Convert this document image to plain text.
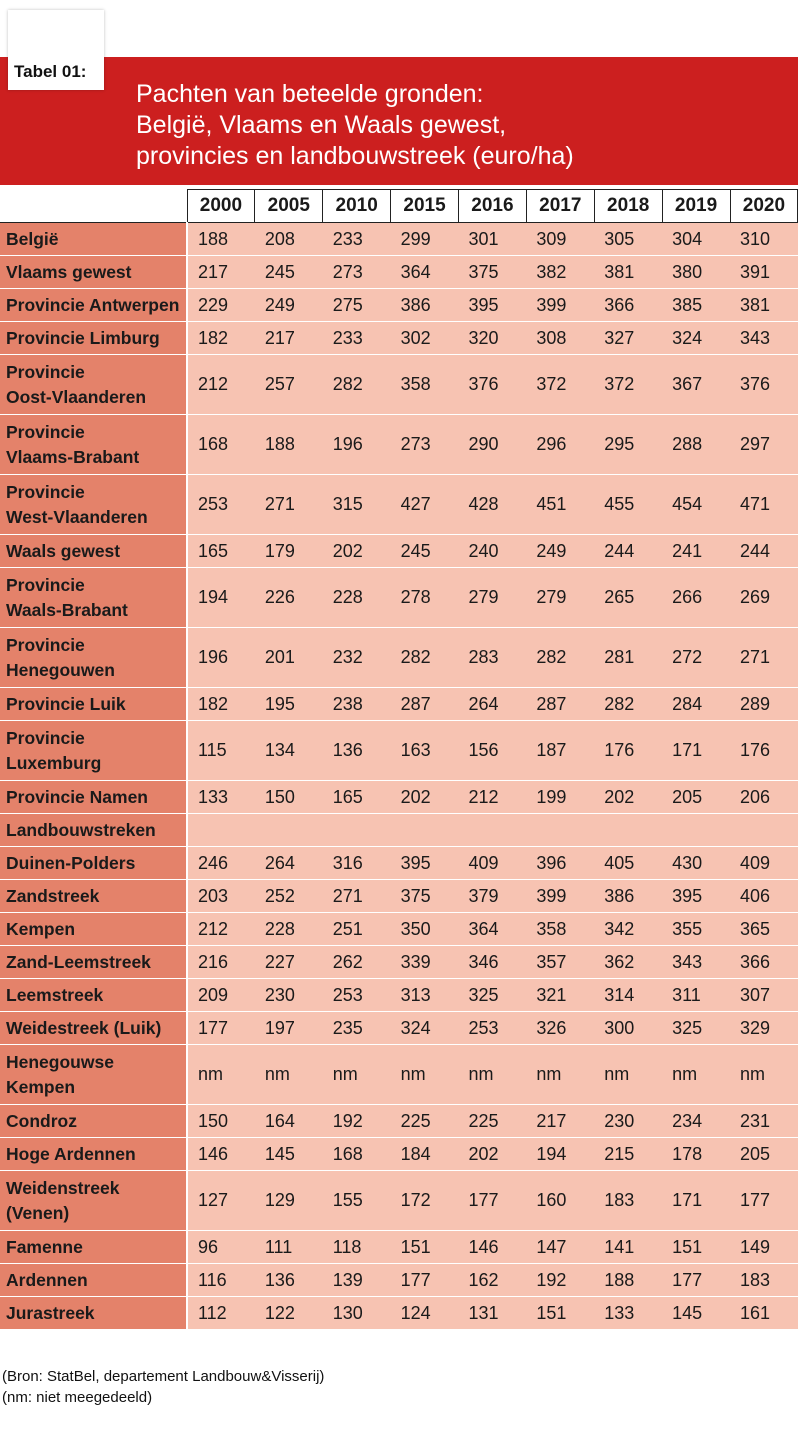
Tabel 01:
Pachten van beteelde gronden:
België, Vlaams en Waals gewest,
provincies en landbouwstreek (euro/ha)
	2000	2005	2010	2015	2016	2017	2018	2019	2020

België	188	208	233	299	301	309	305	304	310

Vlaams gewest	217	245	273	364	375	382	381	380	391

Provincie Antwerpen	229	249	275	386	395	399	366	385	381

Provincie Limburg	182	217	233	302	320	308	327	324	343

Provincie
Oost-Vlaanderen	212	257	282	358	376	372	372	367	376

Provincie
Vlaams-Brabant	168	188	196	273	290	296	295	288	297

Provincie
West-Vlaanderen	253	271	315	427	428	451	455	454	471

Waals gewest	165	179	202	245	240	249	244	241	244

Provincie
Waals-Brabant	194	226	228	278	279	279	265	266	269

Provincie
Henegouwen	196	201	232	282	283	282	281	272	271

Provincie Luik	182	195	238	287	264	287	282	284	289

Provincie
Luxemburg	115	134	136	163	156	187	176	171	176

Provincie Namen	133	150	165	202	212	199	202	205	206

Landbouwstreken									

Duinen-Polders	246	264	316	395	409	396	405	430	409

Zandstreek	203	252	271	375	379	399	386	395	406

Kempen	212	228	251	350	364	358	342	355	365

Zand-Leemstreek	216	227	262	339	346	357	362	343	366

Leemstreek	209	230	253	313	325	321	314	311	307

Weidestreek (Luik)	177	197	235	324	253	326	300	325	329

Henegouwse
Kempen	nm	nm	nm	nm	nm	nm	nm	nm	nm

Condroz	150	164	192	225	225	217	230	234	231

Hoge Ardennen	146	145	168	184	202	194	215	178	205

Weidenstreek
(Venen)	127	129	155	172	177	160	183	171	177

Famenne	96	111	118	151	146	147	141	151	149

Ardennen	116	136	139	177	162	192	188	177	183

Jurastreek	112	122	130	124	131	151	133	145	161
(Bron: StatBel, departement Landbouw&Visserij)
(nm: niet meegedeeld)
